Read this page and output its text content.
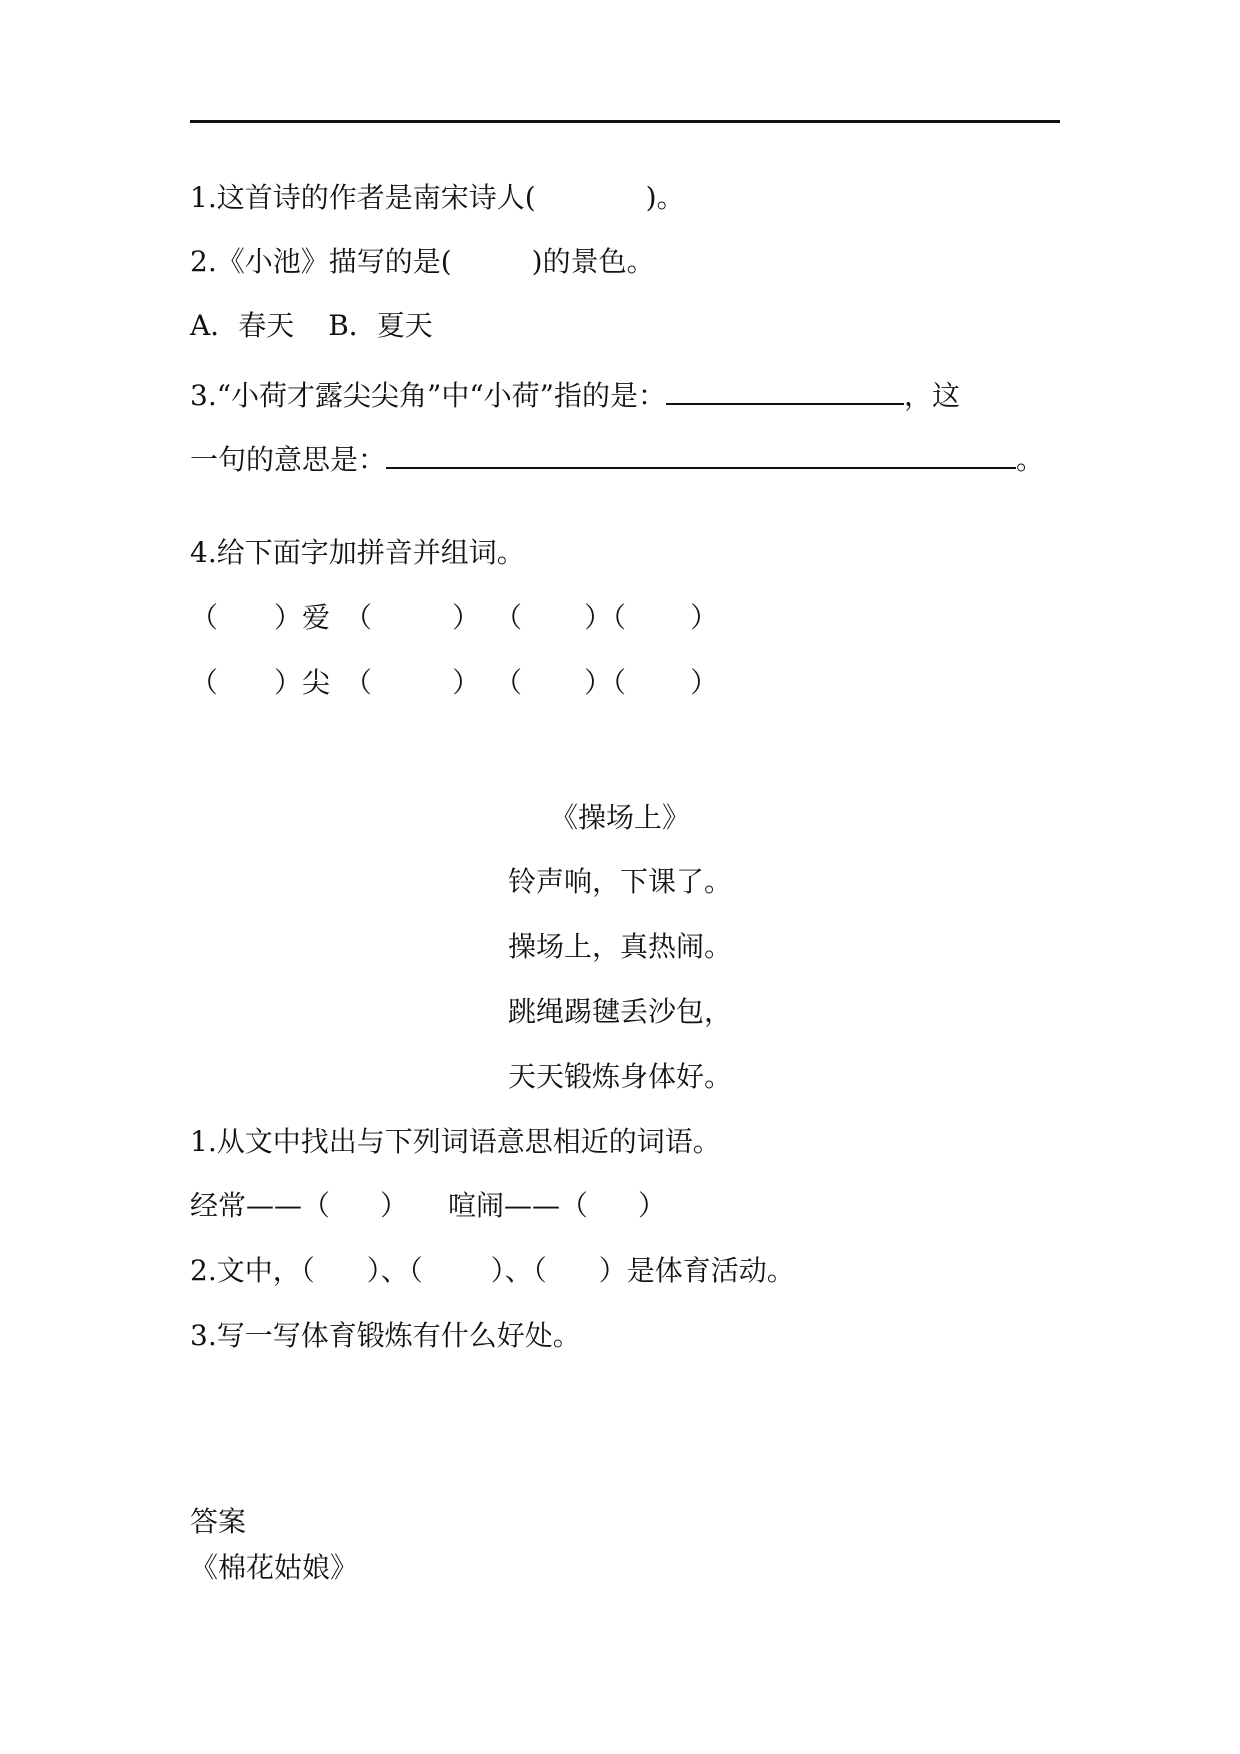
1.这首诗的作者是南宋诗人(	)。
2.《小池》描写的是(	)的景色。
A．春天 B．夏天
3.“小荷才露尖尖角”中“小荷”指的是：	，这
一句的意思是：	。
4.给下面字加拼音并组词。
（ ）爱 （	） （ ）（ ）
（ ）尖 （	） （ ）（ ）
《操场上》
铃声响，下课了。
操场上，真热闹。
跳绳踢毽丢沙包，
天天锻炼身体好。
1.从文中找出与下列词语意思相近的词语。
经常——（ ） 喧闹——（ ）
2.文中，（ ）、（ ）、（ ）是体育活动。
3.写一写体育锻炼有什么好处。
答案
《棉花姑娘》
